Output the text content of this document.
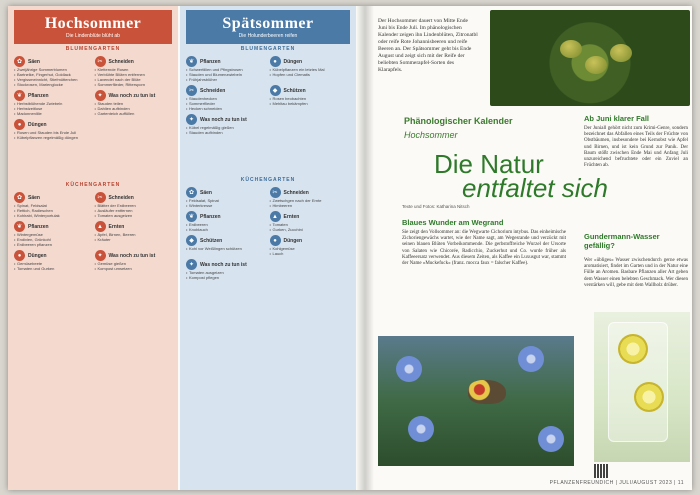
Hochsommer
Die Lindenblüte blüht ab
BLUMENGARTEN
✿	Säen
• Zweijährige Sommerblumen
• Bartnelke, Fingerhut, Goldlack
• Vergissmeinnicht, Stiefmütterchen
• Stockrosen, Marienglocke
✂	Schneiden
• Kletternde Rosen
• Verblühte Blüten entfernen
• Lavendel nach der Blüte
• Sommerflieder, Rittersporn
❦	Pflanzen
• Herbstblühende Zwiebeln
• Herbstzeitlose
• Madonnenlilie
✦	Was noch zu tun ist
• Stauden teilen
• Dahlien aufbinden
• Gartenteich auffüllen
●	Düngen
• Rosen und Stauden bis Ende Juli
• Kübelpflanzen regelmäßig düngen
KÜCHENGARTEN
✿	Säen
• Spinat, Feldsalat
• Rettich, Radieschen
• Kohlrabi, Winterportulak
✂	Schneiden
• Blätter der Erdbeeren
• Ausläufer entfernen
• Tomaten ausgeizen
❦	Pflanzen
• Wintergemüse
• Endivien, Grünkohl
• Erdbeeren pflanzen
▲	Ernten
• Äpfel, Birnen, Beeren
• Kräuter
●	Düngen
• Gemüsebeete
• Tomaten und Gurken
✦	Was noch zu tun ist
• Gemüse gießen
• Kompost umsetzen
Spätsommer
Die Holunderbeeren reifen
BLUMENGARTEN
❦	Pflanzen
• Schwertlilien und Pfingstrosen
• Stauden und Blumenzwiebeln
• Frühjahrsblüher
●	Düngen
• Kübelpflanzen ein letztes Mal
• Hopfen und Clematis
✂	Schneiden
• Staudenhecken
• Sommerflieder
• Hecken schneiden
◆	Schützen
• Rosen beobachten
• Mehltau bekämpfen
✦	Was noch zu tun ist
• Kübel regelmäßig gießen
• Stauden aufbinden
KÜCHENGARTEN
✿	Säen
• Feldsalat, Spinat
• Winterkresse
✂	Schneiden
• Zwetschgen nach der Ernte
• Himbeeren
❦	Pflanzen
• Erdbeeren
• Knoblauch
▲	Ernten
• Tomaten
• Gurken, Zucchini
◆	Schützen
• Kohl vor Weißlingen schützen
●	Düngen
• Kohlgemüse
• Lauch
✦	Was noch zu tun ist
• Tomaten ausgeizen
• Kompost pflegen
Der Hochsommer dauert von Mitte Ende Juni bis Ende Juli. Im phänologischen Kalender zeigen ihn Lindenblüten, Zitronatbl oder reife Rote Johannisbeeren und reife Beeren an. Der Spätsommer geht bis Ende August und zeigt sich mit der Reife der beliebten Sommerapfel-Sorten des Klarapfels.
Phänologischer Kalender
Hochsommer
Die Natur
entfaltet sich
Texte und Fotos: Katharina Nitsch
Blaues Wunder am Wegrand
Sie zeigt den Vollsommer an: die Wegwarte Cichorium intybus. Das einheimische Zichoriengewächs wartet, wie der Name sagt, am Wegesrande und verzückt mit seinen blauen Blüten Vorbeikommende. Die gerbstoffreiche Wurzel der Ursorte von Salaten wie Chicorée, Radicchio, Zuckerhut und Co. wurde früher als Kaffeeersatz verwendet. Aus diesem Zeiten, als Kaffee ein Luxusgut war, stammt der Name »Muckefuck« (franz. mocca faux = falscher Kaffee).
Ab Juni klarer Fall
Der Juniall gehört nicht zum Krimi-Genre, sondern bezeichnet das Abfallen eines Teils der Früchte von Obstbäumen, insbesondere bei Kernobst wie Apfel und Birnen, und ist kein Grund zur Panik. Der Baum stößt zwischen Ende Mai und Anfang Juli unzureichend befruchtete oder ein Zuviel an Früchten ab.
Gundermann-Wasser gefällig?
Wer »übliges« Wasser zwischendurch gerne etwas aromatisiert, findet im Garten und in der Natur eine Fülle an Aromen. Basbare Pflanzen aller Art geben dem Wasser einen belebten Geschmack. Wer diesen verstärken will, gebe mit dem Wallholz drüber.
PFLANZENFREUNDICH | JULI/AUGUST 2023 | 11
